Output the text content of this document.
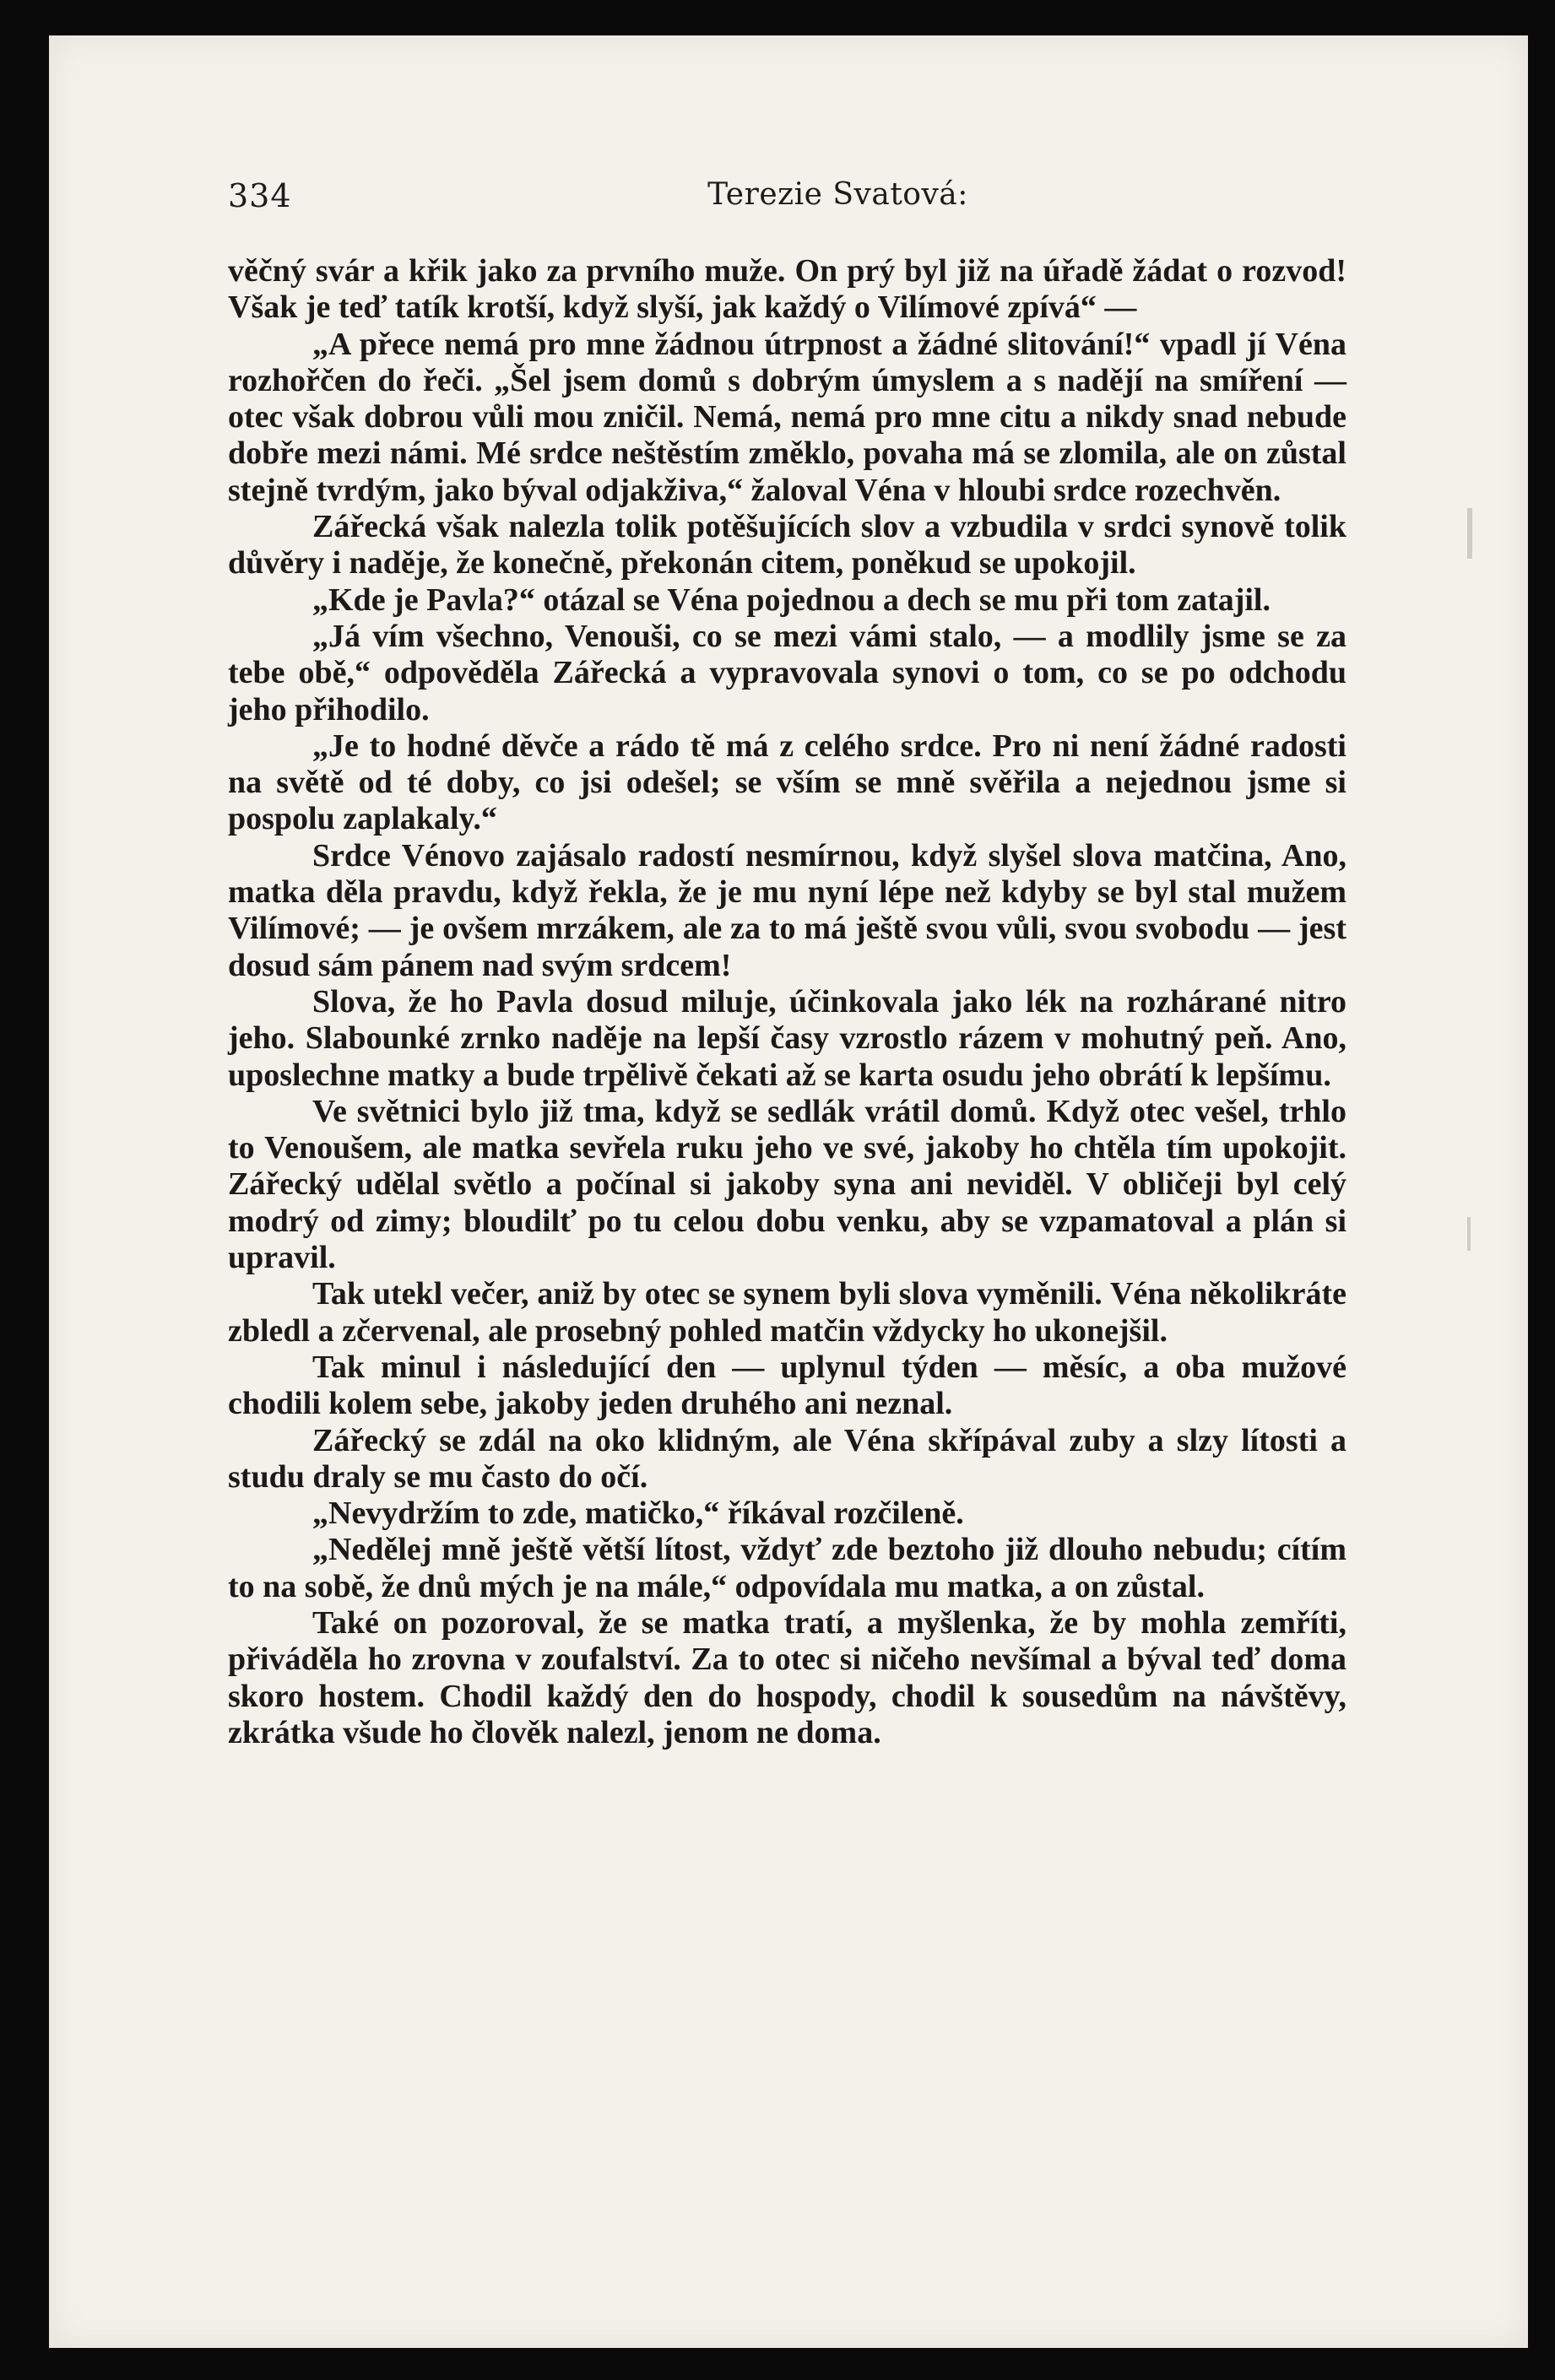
334	Terezie Svatová:

věčný svár a křik jako za prvního muže. On prý byl již na úřadě žádat o rozvod! Však je teď tatík krotší, když slyší, jak každý o Vilímové zpívá“ —

„A přece nemá pro mne žádnou útrpnost a žádné slitování!“ vpadl jí Véna rozhořčen do řeči. „Šel jsem domů s dobrým úmyslem a s nadějí na smíření — otec však dobrou vůli mou zničil. Nemá, nemá pro mne citu a nikdy snad nebude dobře mezi námi. Mé srdce neštěstím změklo, povaha má se zlomila, ale on zůstal stejně tvrdým, jako býval odjakživa,“ žaloval Véna v hloubi srdce rozechvěn.

Zářecká však nalezla tolik potěšujících slov a vzbudila v srdci synově tolik důvěry i naděje, že konečně, překonán citem, poněkud se upokojil.

„Kde je Pavla?“ otázal se Véna pojednou a dech se mu při tom zatajil.

„Já vím všechno, Venouši, co se mezi vámi stalo, — a modlily jsme se za tebe obě,“ odpověděla Zářecká a vypravovala synovi o tom, co se po odchodu jeho přihodilo.

„Je to hodné děvče a rádo tě má z celého srdce. Pro ni není žádné radosti na světě od té doby, co jsi odešel; se vším se mně svěřila a nejednou jsme si pospolu zaplakaly.“

Srdce Vénovo zajásalo radostí nesmírnou, když slyšel slova matčina, Ano, matka děla pravdu, když řekla, že je mu nyní lépe než kdyby se byl stal mužem Vilímové; — je ovšem mrzákem, ale za to má ještě svou vůli, svou svobodu — jest dosud sám pánem nad svým srdcem!

Slova, že ho Pavla dosud miluje, účinkovala jako lék na rozhárané nitro jeho. Slabounké zrnko naděje na lepší časy vzrostlo rázem v mohutný peň. Ano, uposlechne matky a bude trpělivě čekati až se karta osudu jeho obrátí k lepšímu.

Ve světnici bylo již tma, když se sedlák vrátil domů. Když otec vešel, trhlo to Venoušem, ale matka sevřela ruku jeho ve své, jakoby ho chtěla tím upokojit. Zářecký udělal světlo a počínal si jakoby syna ani neviděl. V obličeji byl celý modrý od zimy; bloudilť po tu celou dobu venku, aby se vzpamatoval a plán si upravil.

Tak utekl večer, aniž by otec se synem byli slova vyměnili. Véna několikráte zbledl a zčervenal, ale prosebný pohled matčin vždycky ho ukonejšil.

Tak minul i následující den — uplynul týden — měsíc, a oba mužové chodili kolem sebe, jakoby jeden druhého ani neznal.

Zářecký se zdál na oko klidným, ale Véna skřípával zuby a slzy lítosti a studu draly se mu často do očí.

„Nevydržím to zde, matičko,“ říkával rozčileně.

„Nedělej mně ještě větší lítost, vždyť zde beztoho již dlouho nebudu; cítím to na sobě, že dnů mých je na mále,“ odpovídala mu matka, a on zůstal.

Také on pozoroval, že se matka tratí, a myšlenka, že by mohla zemříti, přiváděla ho zrovna v zoufalství. Za to otec si ničeho nevšímal a býval teď doma skoro hostem. Chodil každý den do hospody, chodil k sousedům na návštěvy, zkrátka všude ho člověk nalezl, jenom ne doma.
